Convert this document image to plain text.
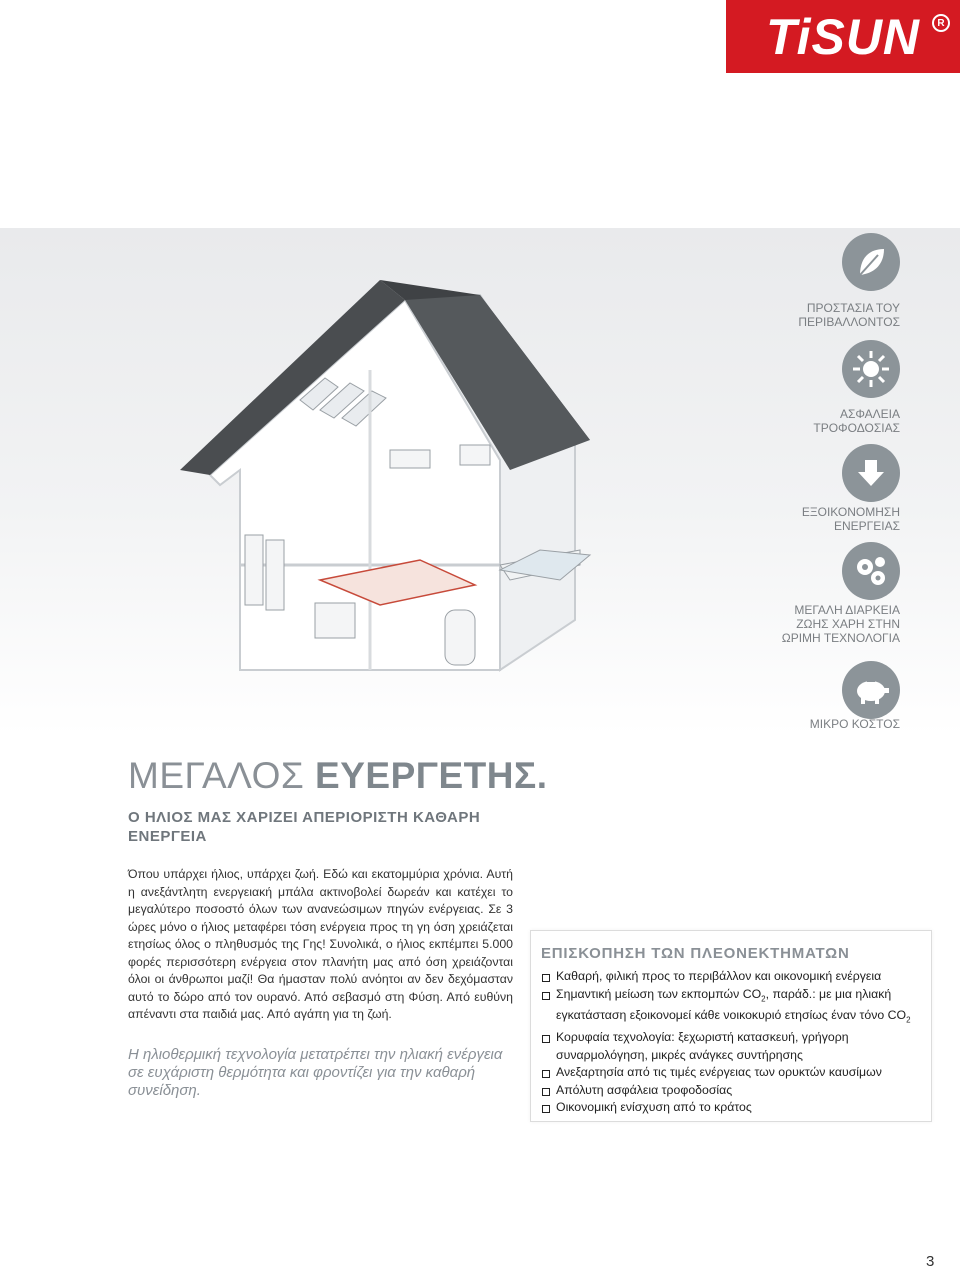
TiSUN	R
ΠΡΟΣΤΑΣΙΑ ΤΟΥ
ΠΕΡΙΒΑΛΛΟΝΤΟΣ
ΑΣΦΑΛΕΙΑ
ΤΡΟΦΟΔΟΣΙΑΣ
ΕΞΟΙΚΟΝΟΜΗΣΗ
ΕΝΕΡΓΕΙΑΣ
ΜΕΓΑΛΗ ΔΙΑΡΚΕΙΑ
ΖΩΗΣ ΧΑΡΗ ΣΤΗΝ
ΩΡΙΜΗ ΤΕΧΝΟΛΟΓΙΑ
ΜΙΚΡΟ ΚΟΣΤΟΣ
ΜΕΓΑΛΟΣ ΕΥΕΡΓΕΤΗΣ.
Ο ΗΛΙΟΣ ΜΑΣ ΧΑΡΙΖΕΙ ΑΠΕΡΙΟΡΙΣΤΗ ΚΑΘΑΡΗ ΕΝΕΡΓΕΙΑ
Όπου υπάρχει ήλιος, υπάρχει ζωή. Εδώ και εκατομμύρια χρόνια. Αυτή η ανεξάντλητη ενεργειακή μπάλα ακτινοβολεί δωρεάν και κατέχει το μεγαλύτερο ποσοστό όλων των ανανεώσιμων πηγών ενέργειας. Σε 3 ώρες μόνο ο ήλιος μεταφέρει τόση ενέργεια προς τη γη όση χρειάζεται ετησίως όλος ο πληθυσμός της Γης! Συνολικά, ο ήλιος εκπέμπει 5.000 φορές περισσότερη ενέργεια στον πλανήτη μας από όση χρειάζονται όλοι οι άνθρωποι μαζί! Θα ήμασταν πολύ ανόητοι αν δεν δεχόμασταν αυτό το δώρο από τον ουρανό. Από σεβασμό στη Φύση. Από ευθύνη απέναντι στα παιδιά μας. Από αγάπη για τη ζωή.
Η ηλιοθερμική τεχνολογία μετατρέπει την ηλιακή ενέργεια σε ευχάριστη θερμότητα και φροντίζει για την καθαρή συνείδηση.
ΕΠΙΣΚΟΠΗΣΗ ΤΩΝ ΠΛΕΟΝΕΚΤΗΜΑΤΩΝ
Καθαρή, φιλική προς το περιβάλλον και οικονομική ενέργεια
Σημαντική μείωση των εκπομπών $CO_2$, παράδ.: με μια ηλιακή εγκατάσταση εξοικονομεί κάθε νοικοκυριό ετησίως έναν τόνο $CO_2$
Κορυφαία τεχνολογία: ξεχωριστή κατασκευή, γρήγορη συναρμολόγηση, μικρές ανάγκες συντήρησης
Ανεξαρτησία από τις τιμές ενέργειας των ορυκτών καυσίμων
Απόλυτη ασφάλεια τροφοδοσίας
Οικονομική ενίσχυση από το κράτος
3
